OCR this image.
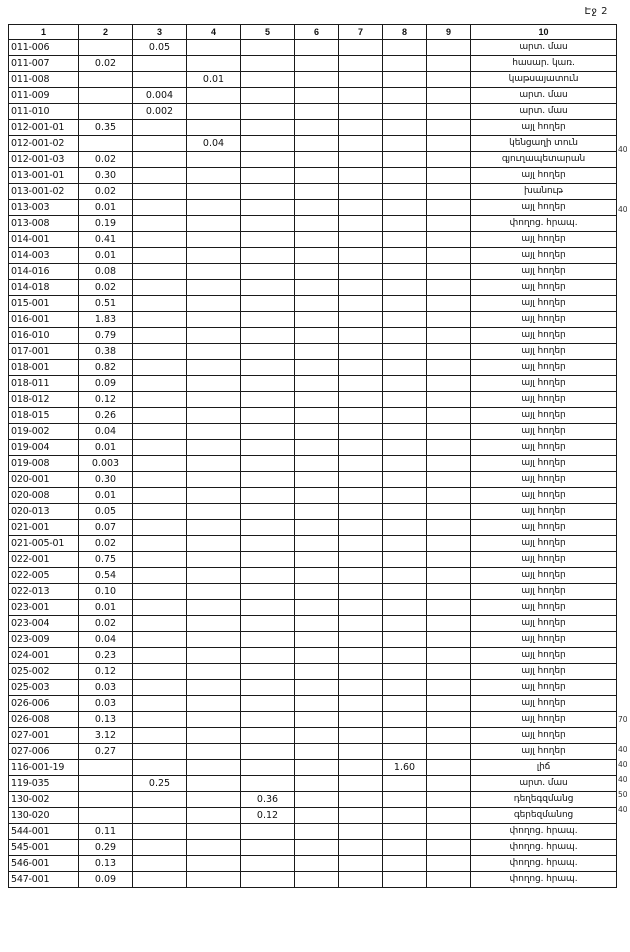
Էջ 2
1	2	3	4	5	6	7	8	9	10
011-006		0.05							արտ. մաս
011-007	0.02								հասար. կառ.
011-008			0.01						կաթսայատուն
011-009		0.004							արտ. մաս
011-010		0.002							արտ. մաս
012-001-01	0.35								այլ հողեր
012-001-02			0.04						կենցաղի տուն
012-001-03	0.02								գյուղապետարան
013-001-01	0.30								այլ հողեր
013-001-02	0.02								խանութ
013-003	0.01								այլ հողեր
013-008	0.19								փողոց. հրապ.
014-001	0.41								այլ հողեր
014-003	0.01								այլ հողեր
014-016	0.08								այլ հողեր
014-018	0.02								այլ հողեր
015-001	0.51								այլ հողեր
016-001	1.83								այլ հողեր
016-010	0.79								այլ հողեր
017-001	0.38								այլ հողեր
018-001	0.82								այլ հողեր
018-011	0.09								այլ հողեր
018-012	0.12								այլ հողեր
018-015	0.26								այլ հողեր
019-002	0.04								այլ հողեր
019-004	0.01								այլ հողեր
019-008	0.003								այլ հողեր
020-001	0.30								այլ հողեր
020-008	0.01								այլ հողեր
020-013	0.05								այլ հողեր
021-001	0.07								այլ հողեր
021-005-01	0.02								այլ հողեր
022-001	0.75								այլ հողեր
022-005	0.54								այլ հողեր
022-013	0.10								այլ հողեր
023-001	0.01								այլ հողեր
023-004	0.02								այլ հողեր
023-009	0.04								այլ հողեր
024-001	0.23								այլ հողեր
025-002	0.12								այլ հողեր
025-003	0.03								այլ հողեր
026-006	0.03								այլ հողեր
026-008	0.13								այլ հողեր
027-001	3.12								այլ հողեր
027-006	0.27								այլ հողեր
116-001-19							1.60		լիճ
119-035		0.25							արտ. մաս
130-002				0.36					դեղեգզմանց
130-020				0.12					գերեզմանոց
544-001	0.11								փողոց. հրապ.
545-001	0.29								փողոց. հրապ.
546-001	0.13								փողոց. հրապ.
547-001	0.09								փողոց. հրապ.
40
40
70
40
40
40
50
40
